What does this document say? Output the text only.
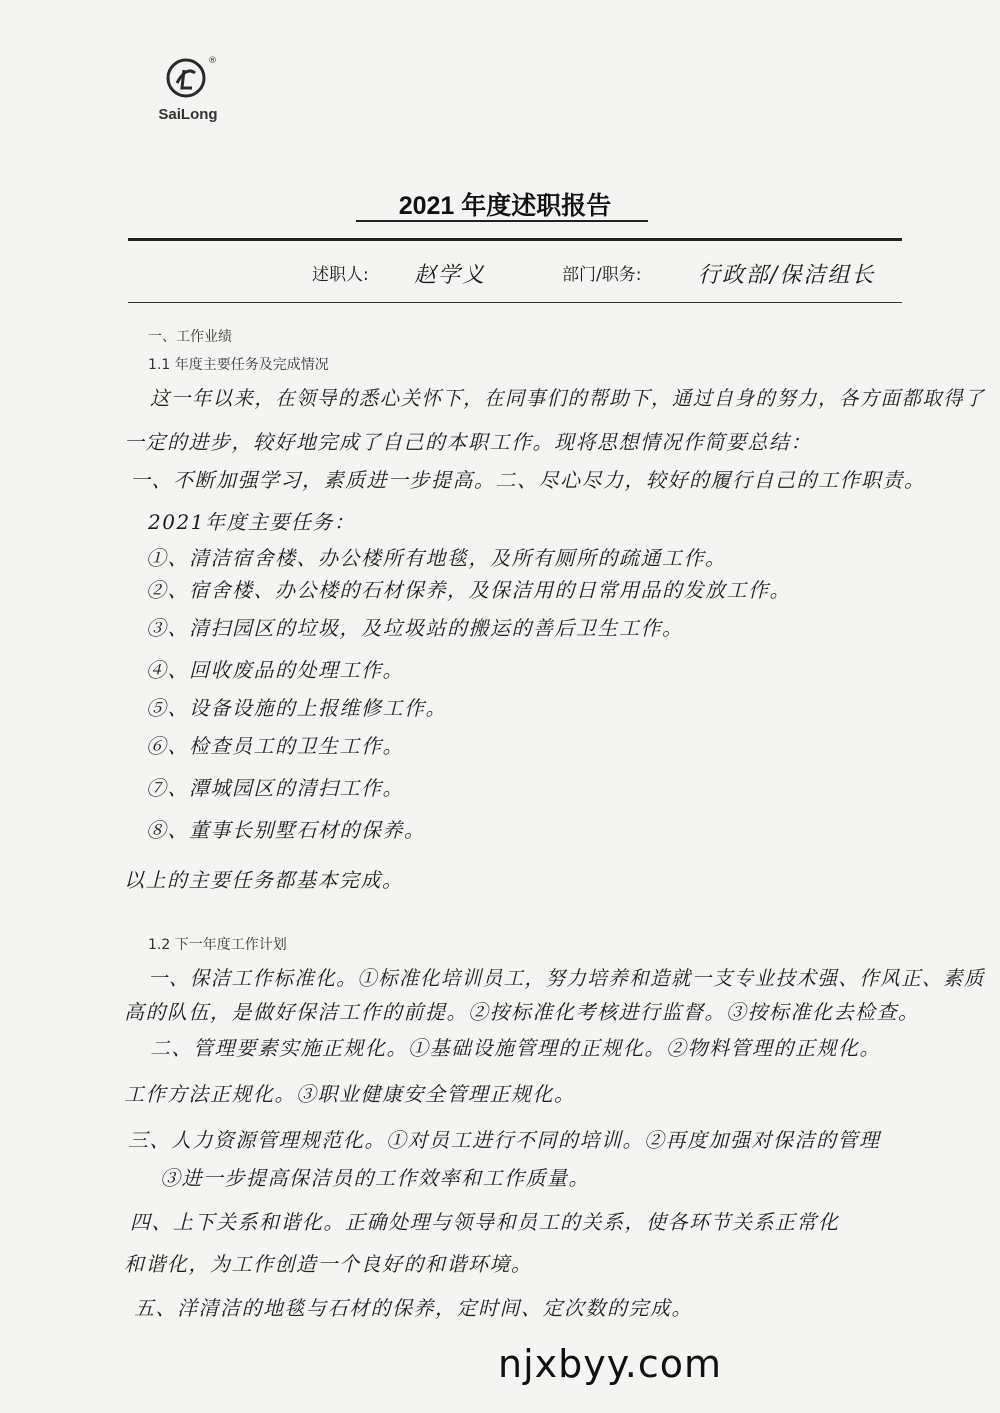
®
SaiLong
2021 年度述职报告
述职人: 赵学义	部门/职务:	行政部/保洁组长
一、工作业绩
1.1 年度主要任务及完成情况
这一年以来，在领导的悉心关怀下，在同事们的帮助下，通过自身的努力，各方面都取得了
一定的进步，较好地完成了自己的本职工作。现将思想情况作简要总结：
一、不断加强学习，素质进一步提高。二、尽心尽力，较好的履行自己的工作职责。
2021年度主要任务：
①、清洁宿舍楼、办公楼所有地毯，及所有厕所的疏通工作。
②、宿舍楼、办公楼的石材保养，及保洁用的日常用品的发放工作。
③、清扫园区的垃圾，及垃圾站的搬运的善后卫生工作。
④、回收废品的处理工作。
⑤、设备设施的上报维修工作。
⑥、检查员工的卫生工作。
⑦、潭城园区的清扫工作。
⑧、董事长别墅石材的保养。
以上的主要任务都基本完成。
1.2 下一年度工作计划
一、保洁工作标准化。①标准化培训员工，努力培养和造就一支专业技术强、作风正、素质
高的队伍，是做好保洁工作的前提。②按标准化考核进行监督。③按标准化去检查。
二、管理要素实施正规化。①基础设施管理的正规化。②物料管理的正规化。
工作方法正规化。③职业健康安全管理正规化。
三、人力资源管理规范化。①对员工进行不同的培训。②再度加强对保洁的管理
③进一步提高保洁员的工作效率和工作质量。
四、上下关系和谐化。正确处理与领导和员工的关系，使各环节关系正常化
和谐化，为工作创造一个良好的和谐环境。
五、洋清洁的地毯与石材的保养，定时间、定次数的完成。
njxbyy.com
